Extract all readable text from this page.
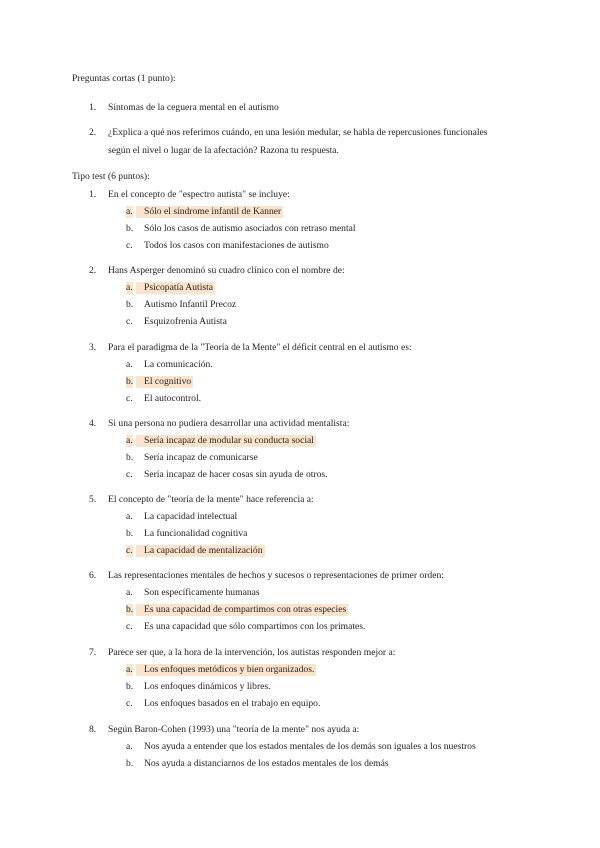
Preguntas cortas (1 punto):
1. Síntomas de la ceguera mental en el autismo
2. ¿Explica a qué nos referimos cuándo, en una lesión medular, se habla de repercusiones funcionales
según el nivel o lugar de la afectación? Razona tu respuesta.
Tipo test (6 puntos):
1. En el concepto de "espectro autista" se incluye:
a.	Sólo el síndrome infantil de Kanner
b. Sólo los casos de autismo asociados con retraso mental
c. Todos los casos con manifestaciones de autismo
2. Hans Asperger denominó su cuadro clínico con el nombre de:
a.	Psicopatía Autista
b. Autismo Infantil Precoz
c. Esquizofrenia Autista
3. Para el paradigma de la "Teoría de la Mente" el déficit central en el autismo es:
a. La comunicación.
b.	El cognitivo
c. El autocontrol.
4. Si una persona no pudiera desarrollar una actividad mentalista:
a.	Sería incapaz de modular su conducta social
b. Sería incapaz de comunicarse
c. Sería incapaz de hacer cosas sin ayuda de otros.
5. El concepto de "teoría de la mente" hace referencia a:
a. La capacidad intelectual
b. La funcionalidad cognitiva
c.	La capacidad de mentalización
6. Las representaciones mentales de hechos y sucesos o representaciones de primer orden:
a. Son específicamente humanas
b.	Es una capacidad de compartimos con otras especies
c. Es una capacidad que sólo compartimos con los primates.
7. Parece ser que, a la hora de la intervención, los autistas responden mejor a:
a.	Los enfoques metódicos y bien organizados.
b. Los enfoques dinámicos y libres.
c. Los enfoques basados en el trabajo en equipo.
8. Según Baron-Cohen (1993) una "teoría de la mente" nos ayuda a:
a. Nos ayuda a entender que los estados mentales de los demás son iguales a los nuestros
b. Nos ayuda a distanciarnos de los estados mentales de los demás
